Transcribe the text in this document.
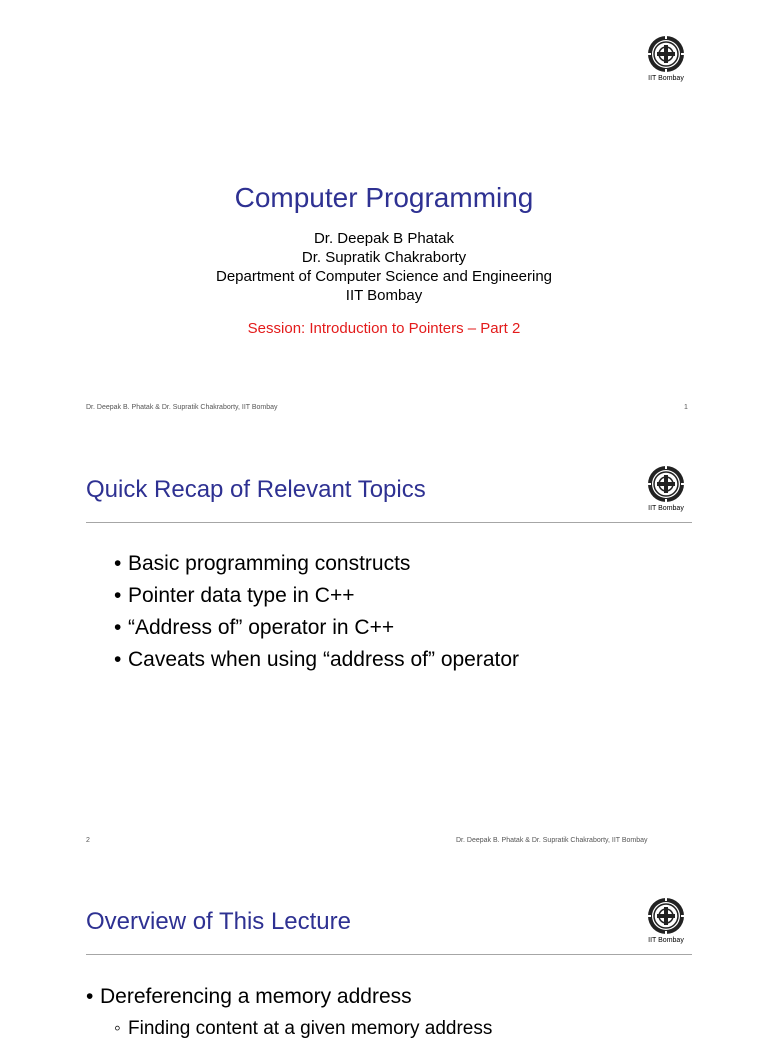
IIT Bombay
Computer Programming
Dr. Deepak B Phatak
Dr. Supratik Chakraborty
Department of Computer Science and Engineering
IIT Bombay
Session: Introduction to Pointers – Part 2
Dr. Deepak B. Phatak & Dr. Supratik Chakraborty, IIT Bombay	1
Quick Recap of Relevant Topics
IIT Bombay
• Basic programming constructs
• Pointer data type in C++
• “Address of” operator in C++
• Caveats when using “address of” operator
2	Dr. Deepak B. Phatak & Dr. Supratik Chakraborty, IIT Bombay
Overview of This Lecture
IIT Bombay
• Dereferencing a memory address
◦ Finding content at a given memory address
